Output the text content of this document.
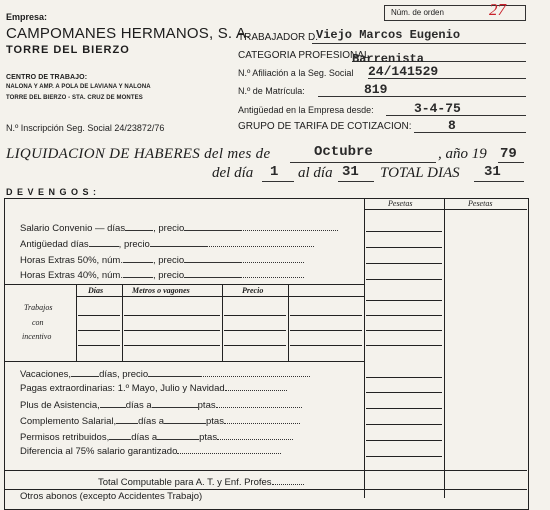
Empresa:
CAMPOMANES HERMANOS, S. A.
TORRE DEL BIERZO
CENTRO DE TRABAJO:
NALONA Y AMP. A POLA DE LAVIANA Y NALONA
TORRE DEL BIERZO - STA. CRUZ DE MONTES
N.º Inscripción Seg. Social 24/23872/76
Núm. de orden	27
TRABAJADOR D.
Viejo Marcos Eugenio
CATEGORIA PROFESIONAL
Barrenista
N.º Afiliación a la Seg. Social 24/141529
N.º de Matrícula:	819
Antigüedad en la Empresa desde:	3-4-75
GRUPO DE TARIFA DE COTIZACION:	8
LIQUIDACION DE HABERES del mes de	Octubre	, año 19 79
del día 1 al día 31 TOTAL DIAS 31
D E V E N G O S :
Pesetas	Pesetas
Salario Convenio — días	, precio
Antigüedad días	, precio
Horas Extras 50%, núm.	, precio
Horas Extras 40%, núm.	, precio
Días	Metros o vagones	Precio
Trabajos
con
incentivo
Vacaciones,	días, precio
Pagas extraordinarias: 1.º Mayo, Julio y Navidad
Plus de Asistencia,	días a	ptas
Complemento Salarial, días a	ptas
Permisos retribuidos, días a	ptas
Diferencia al 75% salario garantizado
Total Computable para A. T. y Enf. Profes
Otros abonos (excepto Accidentes Trabajo)
